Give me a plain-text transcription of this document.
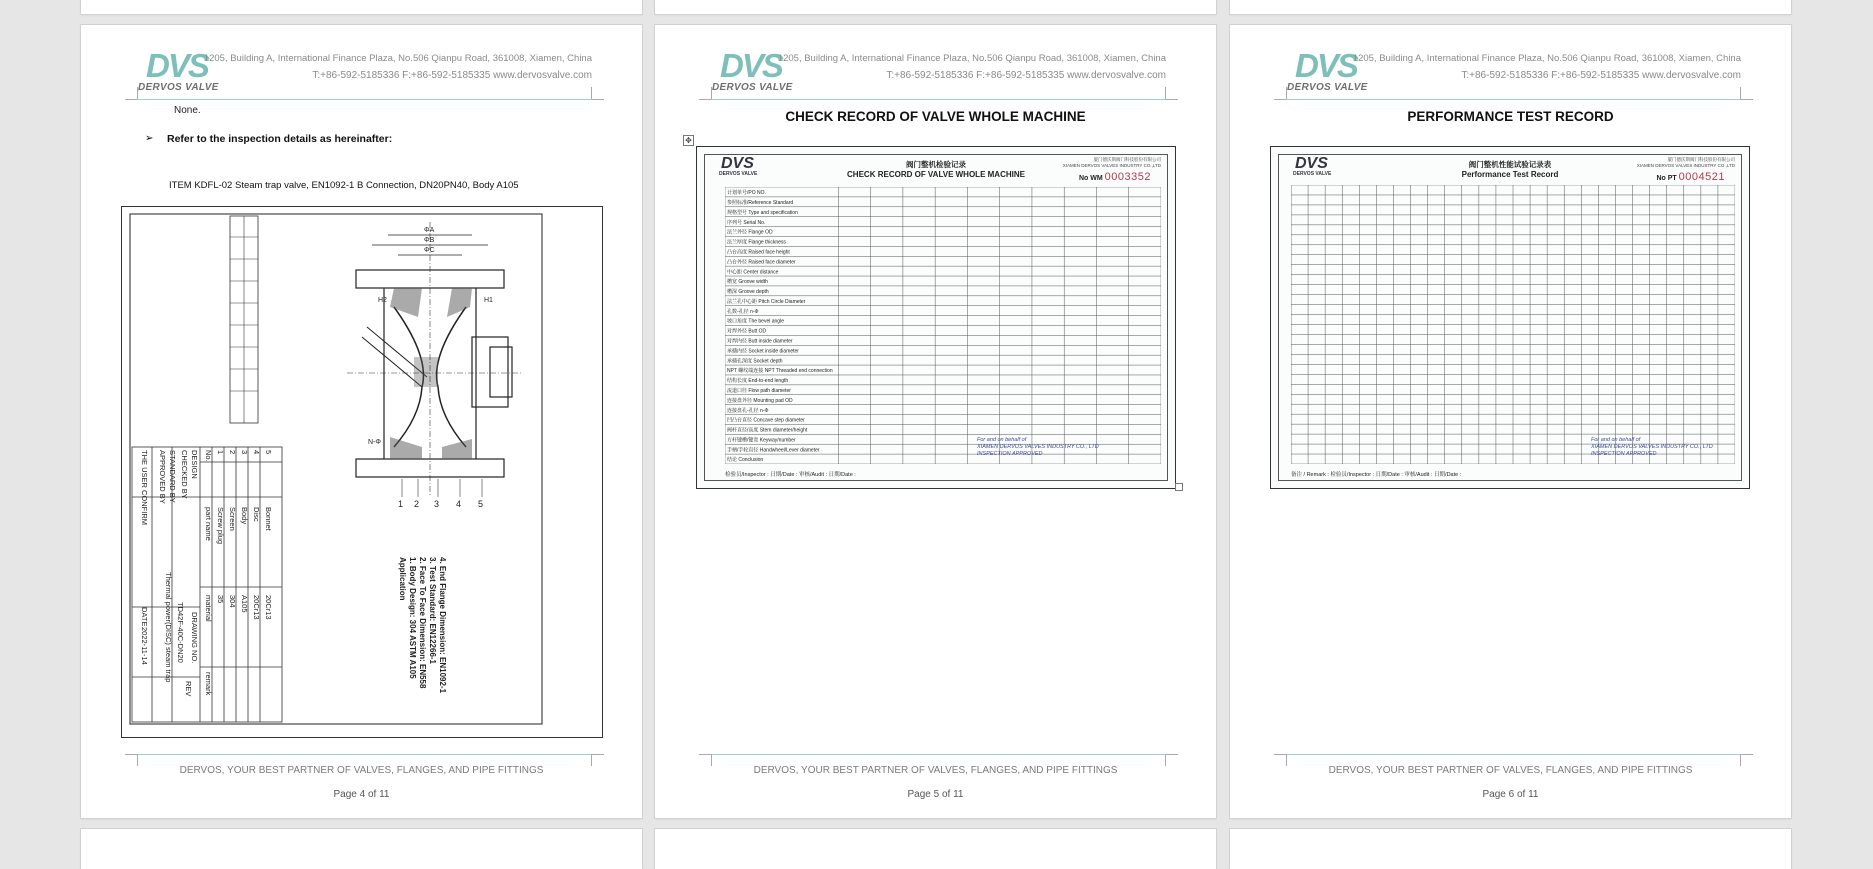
DVS
DERVOS VALVE
1205, Building A, International Finance Plaza, No.506 Qianpu Road, 361008, Xiamen, China
T:+86-592-5185336 F:+86-592-5185335 www.dervosvalve.com
None.
➢ Refer to the inspection details as hereinafter:
ITEM KDFL-02 Steam trap valve, EN1092-1 B Connection, DN20PN40, Body A105
ΦA
ΦB
ΦC
H1
H2
N-Φ
1 2 3 4 5
Application 1. Body Design: 304 ASTM A105 2. Face To Face Dimension: EN558 3. Test Standard: EN12266-1 4. End Flange Dimension: EN1092-1
No.
part name
material
remark
5
Bonnet
20Cr13
4
Disc
20Cr13
3
Body
A105
2
Screen
304
1
Screw plug
35
DESIGN
CHECKED BY
STANDARD BY
APPROVED BY
THE USER CONFIRM
DRAWING NO.
TD42F-40C-DN20
Thermal power(DISC) steam trap
REV
DATE
2022-11-14
DERVOS, YOUR BEST PARTNER OF VALVES, FLANGES, AND PIPE FITTINGS
Page 4 of 11
DVS
DERVOS VALVE
1205, Building A, International Finance Plaza, No.506 Qianpu Road, 361008, Xiamen, China
T:+86-592-5185336 F:+86-592-5185335 www.dervosvalve.com
CHECK RECORD OF VALVE WHOLE MACHINE
✥
DVS
DERVOS VALVE
阀门整机检验记录
CHECK RECORD OF VALVE WHOLE MACHINE
厦门德沃斯阀门科技股份有限公司
XIAMEN DERVOS VALVES INDUSTRY CO.,LTD
No WM 0003352
计划单号/PO NO.
参照标准/Reference Standard
规格型号 Type and specification
序列号 Serial No.
法兰外径 Flange OD
法兰厚度 Flange thickness
凸台高度 Raised face height
凸台外径 Raised face diameter
中心距 Center distance
槽宽 Groove width
槽深 Groove depth
法兰孔中心距 Pitch Circle Diameter
孔数-孔径 n-Φ
坡口角度 The bevel angle
对焊外径 Butt OD
对焊内径 Butt inside diameter
承插内径 Socket inside diameter
承插孔深度 Socket depth
NPT 螺纹端连接 NPT Threaded end connection
结构长度 End-to-end length
流道口径 Flow path diameter
连接盘外径 Mounting pad OD
连接盘孔-孔径 n-Φ
凹凸台直径 Concave step diameter
阀杆直径/高度 Stem diameter/height
方杆键槽/键宽 Keyway/number
手柄/手轮直径 Handwheel/Lever diameter
结论 Conclusion
For and on behalf of
XIAMEN DERVOS VALVES INDUSTRY CO., LTD
INSPECTION APPROVED
检验员/Inspector : 日期/Date : 审核/Audit : 日期/Date :
DERVOS, YOUR BEST PARTNER OF VALVES, FLANGES, AND PIPE FITTINGS
Page 5 of 11
DVS
DERVOS VALVE
1205, Building A, International Finance Plaza, No.506 Qianpu Road, 361008, Xiamen, China
T:+86-592-5185336 F:+86-592-5185335 www.dervosvalve.com
PERFORMANCE TEST RECORD
DVS
DERVOS VALVE
阀门整机性能试验记录表
Performance Test Record
厦门德沃斯阀门科技股份有限公司
XIAMEN DERVOS VALVES INDUSTRY CO.,LTD
No PT 0004521
For and on behalf of
XIAMEN DERVOS VALVES INDUSTRY CO., LTD
INSPECTION APPROVED
备注 / Remark : 检验员/Inspector : 日期/Date : 审核/Audit : 日期/Date :
DERVOS, YOUR BEST PARTNER OF VALVES, FLANGES, AND PIPE FITTINGS
Page 6 of 11
